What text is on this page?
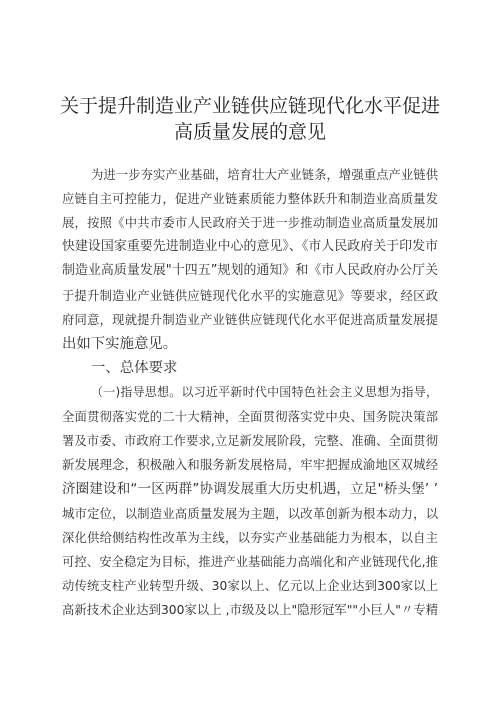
关于提升制造业产业链供应链现代化水平促进
高质量发展的意见
为进一步夯实产业基础，培育壮大产业链条，增强重点产业链供
应链自主可控能力，促进产业链素质能力整体跃升和制造业高质量发
展，按照《中共市委市人民政府关于进一步推动制造业高质量发展加
快建设国家重要先进制造业中心的意见》、《市人民政府关于印发市
制造业高质量发展"十四五”规划的通知》和《市人民政府办公厅关
于提升制造业产业链供应链现代化水平的实施意见》等要求，经区政
府同意，现就提升制造业产业链供应链现代化水平促进高质量发展提
出如下实施意见。
一、总体要求
（一)指导思想。以习近平新时代中国特色社会主义思想为指导，
全面贯彻落实党的二十大精神，全面贯彻落实党中央、国务院决策部
署及市委、市政府工作要求,立足新发展阶段，完整、准确、全面贯彻
新发展理念，积极融入和服务新发展格局，牢牢把握成渝地区双城经
济圈建设和“一区两群”协调发展重大历史机遇，立足"桥头堡’ ’
城市定位，以制造业高质量发展为主题，以改革创新为根本动力，以
深化供给侧结构性改革为主线，以夯实产业基础能力为根本，以自主
可控、安全稳定为目标，推进产业基础能力高端化和产业链现代化,推
动传统支柱产业转型升级、30家以上、亿元以上企业达到300家以上
高新技术企业达到300家以上 ,市级及以上"隐形冠军""小巨人"〃专精
